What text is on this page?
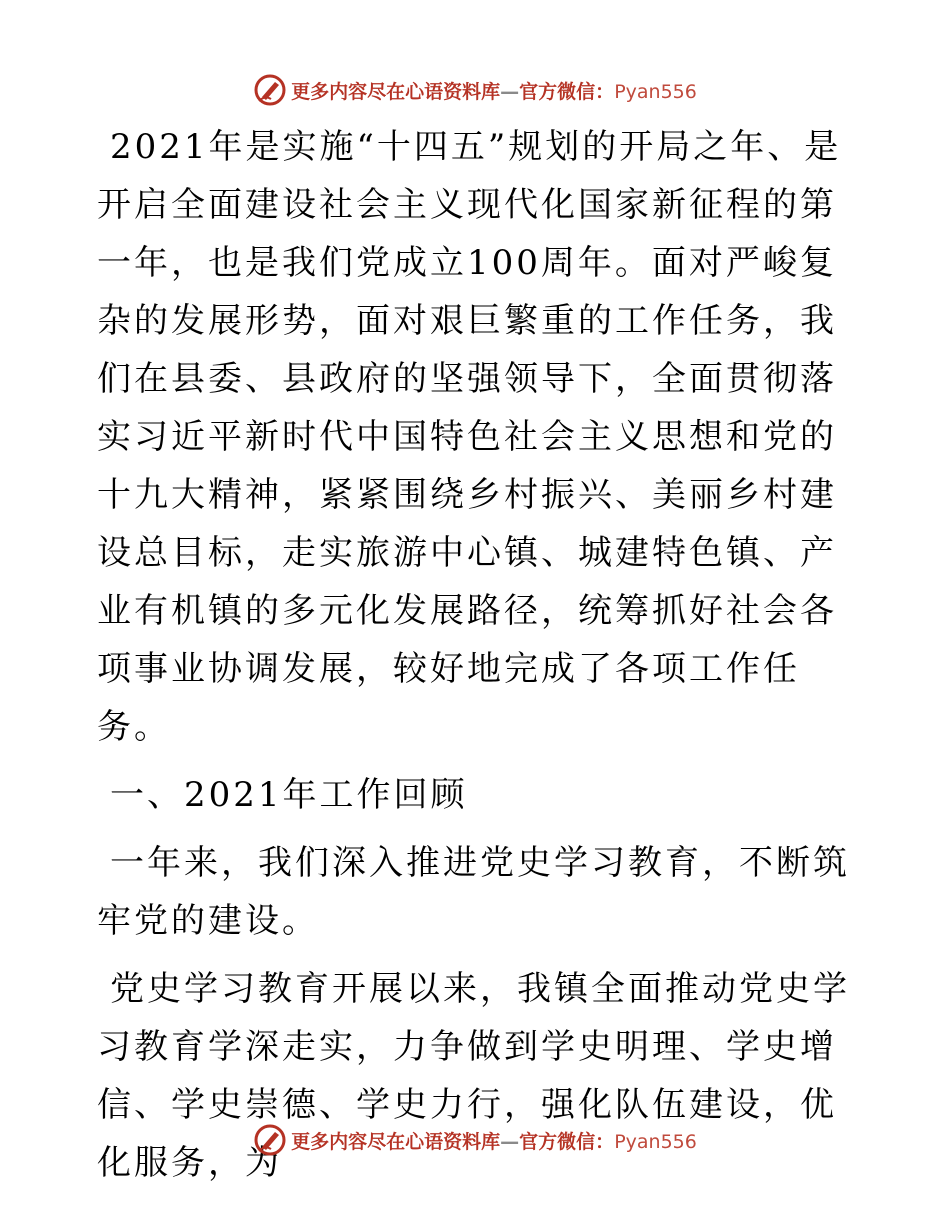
更多内容尽在心语资料库—官方微信：Pyan556

2021年是实施“十四五”规划的开局之年、是开启全面建设社会主义现代化国家新征程的第一年，也是我们党成立100周年。面对严峻复杂的发展形势，面对艰巨繁重的工作任务，我们在县委、县政府的坚强领导下，全面贯彻落实习近平新时代中国特色社会主义思想和党的十九大精神，紧紧围绕乡村振兴、美丽乡村建设总目标，走实旅游中心镇、城建特色镇、产业有机镇的多元化发展路径，统筹抓好社会各项事业协调发展，较好地完成了各项工作任务。

一、2021年工作回顾

一年来，我们深入推进党史学习教育，不断筑牢党的建设。

党史学习教育开展以来，我镇全面推动党史学习教育学深走实，力争做到学史明理、学史增信、学史崇德、学史力行，强化队伍建设，优化服务，为

更多内容尽在心语资料库—官方微信：Pyan556
